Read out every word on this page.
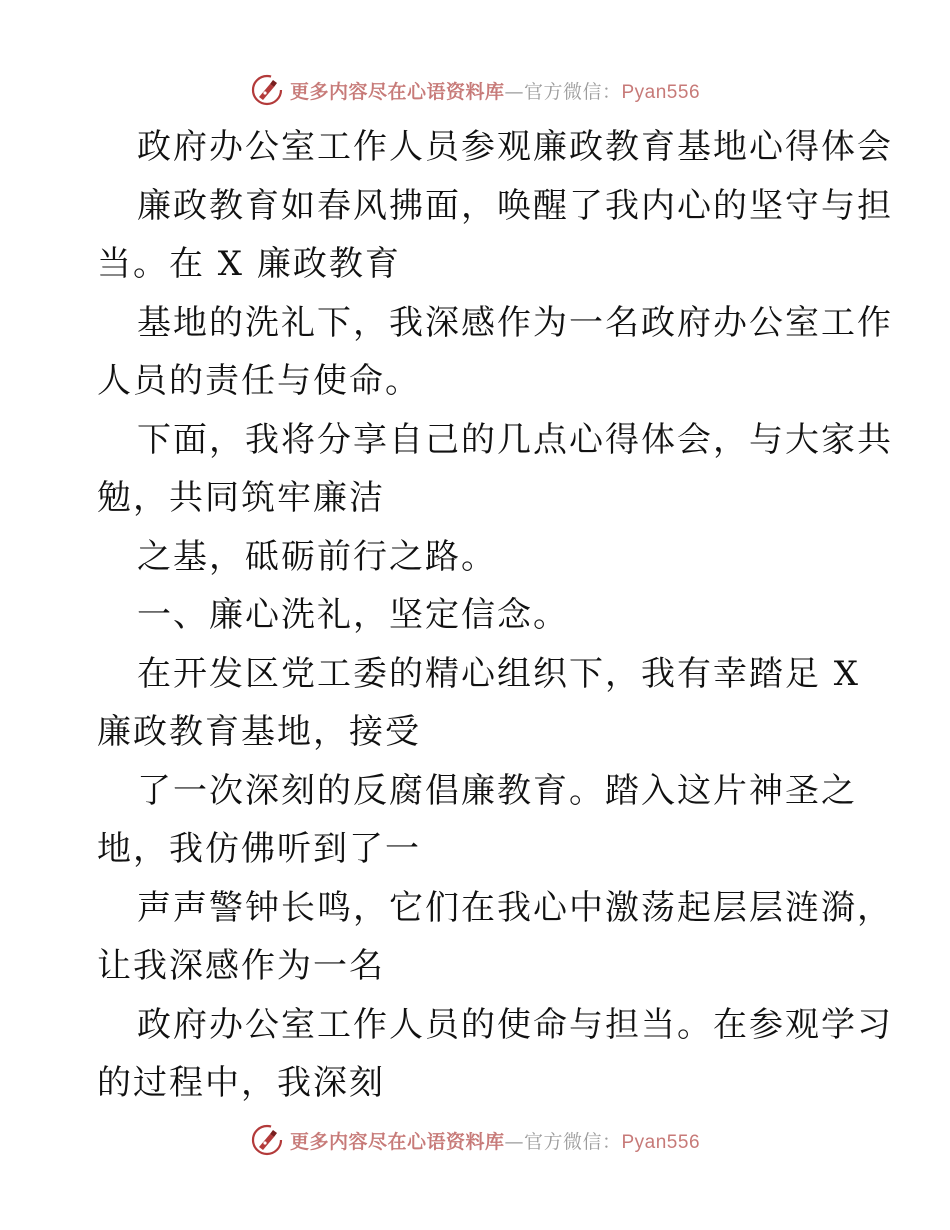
更多内容尽在心语资料库—官方微信：Pyan556
政府办公室工作人员参观廉政教育基地心得体会
廉政教育如春风拂面，唤醒了我内心的坚守与担
当。在 X 廉政教育
基地的洗礼下，我深感作为一名政府办公室工作
人员的责任与使命。
下面，我将分享自己的几点心得体会，与大家共
勉，共同筑牢廉洁
之基，砥砺前行之路。
一、廉心洗礼，坚定信念。
在开发区党工委的精心组织下，我有幸踏足 X
廉政教育基地，接受
了一次深刻的反腐倡廉教育。踏入这片神圣之
地，我仿佛听到了一
声声警钟长鸣，它们在我心中激荡起层层涟漪，
让我深感作为一名
政府办公室工作人员的使命与担当。在参观学习
的过程中，我深刻
更多内容尽在心语资料库—官方微信：Pyan556
